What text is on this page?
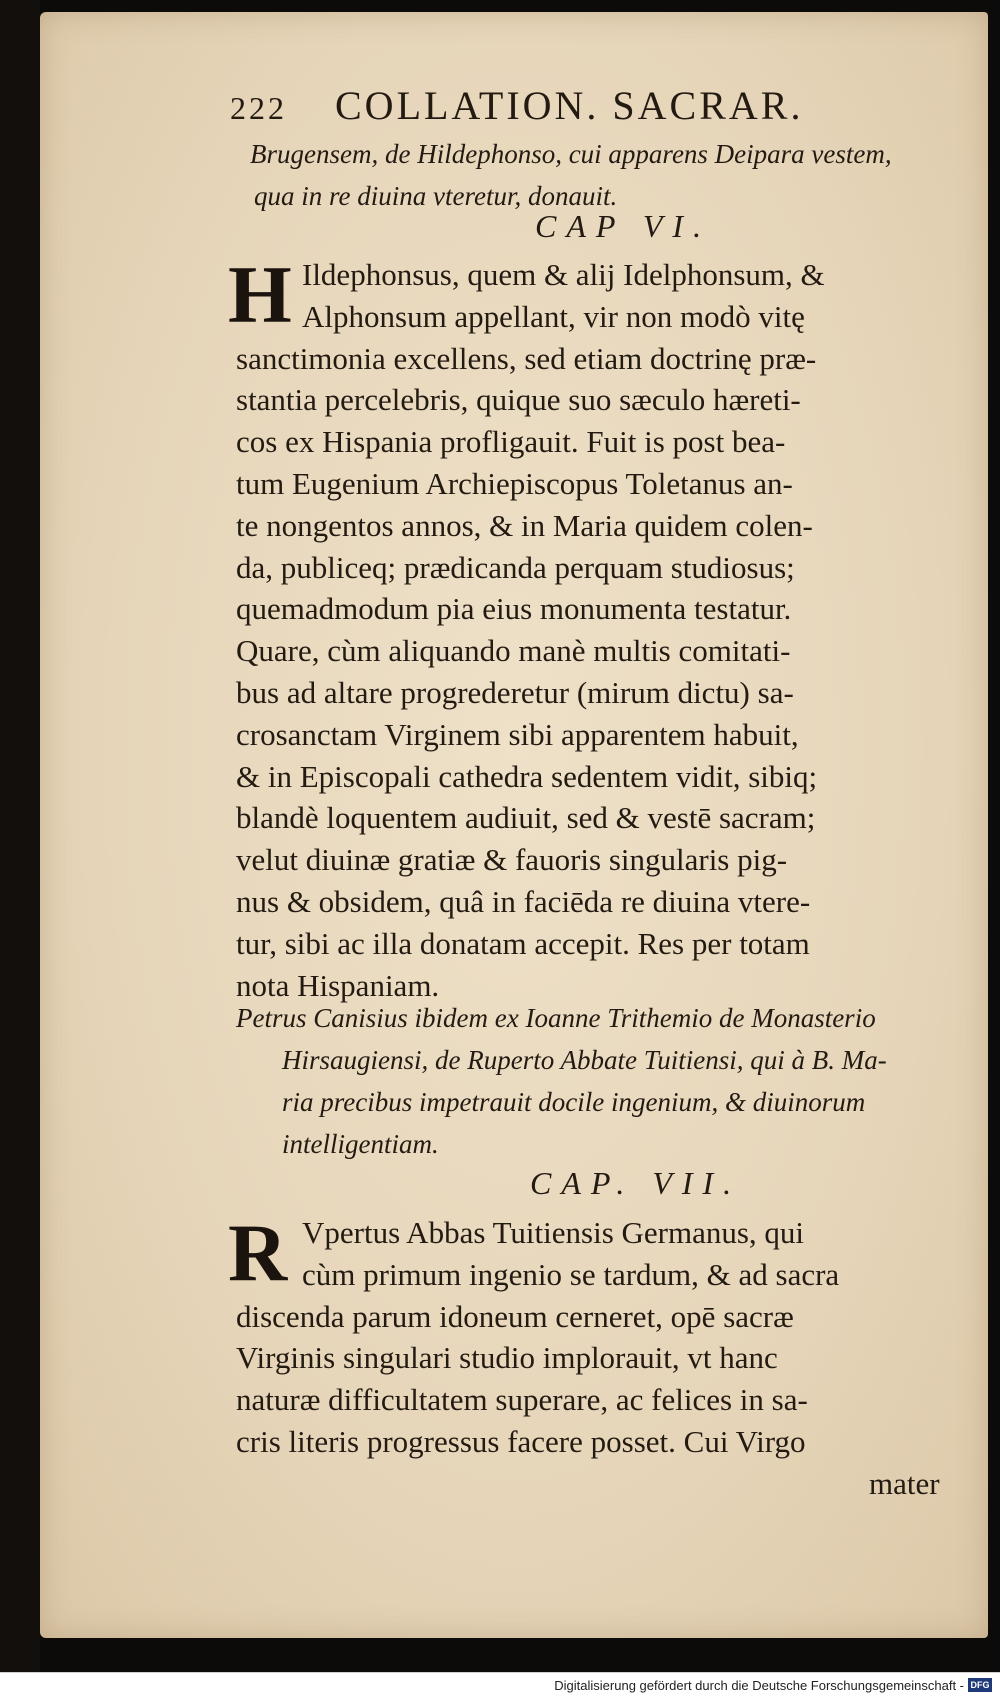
222 COLLATION. SACRAR.
Brugensem, de Hildephonso, cui apparens Deipara vestem,
qua in re diuina vteretur, donauit.
CAP VI.
H Ildephonsus, quem & alij Idelphonsum, &
Alphonsum appellant, vir non modò vitę
sanctimonia excellens, sed etiam doctrinę præ-
stantia percelebris, quique suo sæculo hæreti-
cos ex Hispania profligauit. Fuit is post bea-
tum Eugenium Archiepiscopus Toletanus an-
te nongentos annos, & in Maria quidem colen-
da, publiceq; prædicanda perquam studiosus;
quemadmodum pia eius monumenta testatur.
Quare, cùm aliquando manè multis comitati-
bus ad altare progrederetur (mirum dictu) sa-
crosanctam Virginem sibi apparentem habuit,
& in Episcopali cathedra sedentem vidit, sibiq;
blandè loquentem audiuit, sed & vestē sacram;
velut diuinæ gratiæ & fauoris singularis pig-
nus & obsidem, quâ in faciēda re diuina vtere-
tur, sibi ac illa donatam accepit. Res per totam
nota Hispaniam.
Petrus Canisius ibidem ex Ioanne Trithemio de Monasterio
Hirsaugiensi, de Ruperto Abbate Tuitiensi, qui à B. Ma-
ria precibus impetrauit docile ingenium, & diuinorum
intelligentiam.
CAP. VII.
R Vpertus Abbas Tuitiensis Germanus, qui
cùm primum ingenio se tardum, & ad sacra
discenda parum idoneum cerneret, opē sacræ
Virginis singulari studio implorauit, vt hanc
naturæ difficultatem superare, ac felices in sa-
cris literis progressus facere posset. Cui Virgo
mater
Digitalisierung gefördert durch die Deutsche Forschungsgemeinschaft - DFG
